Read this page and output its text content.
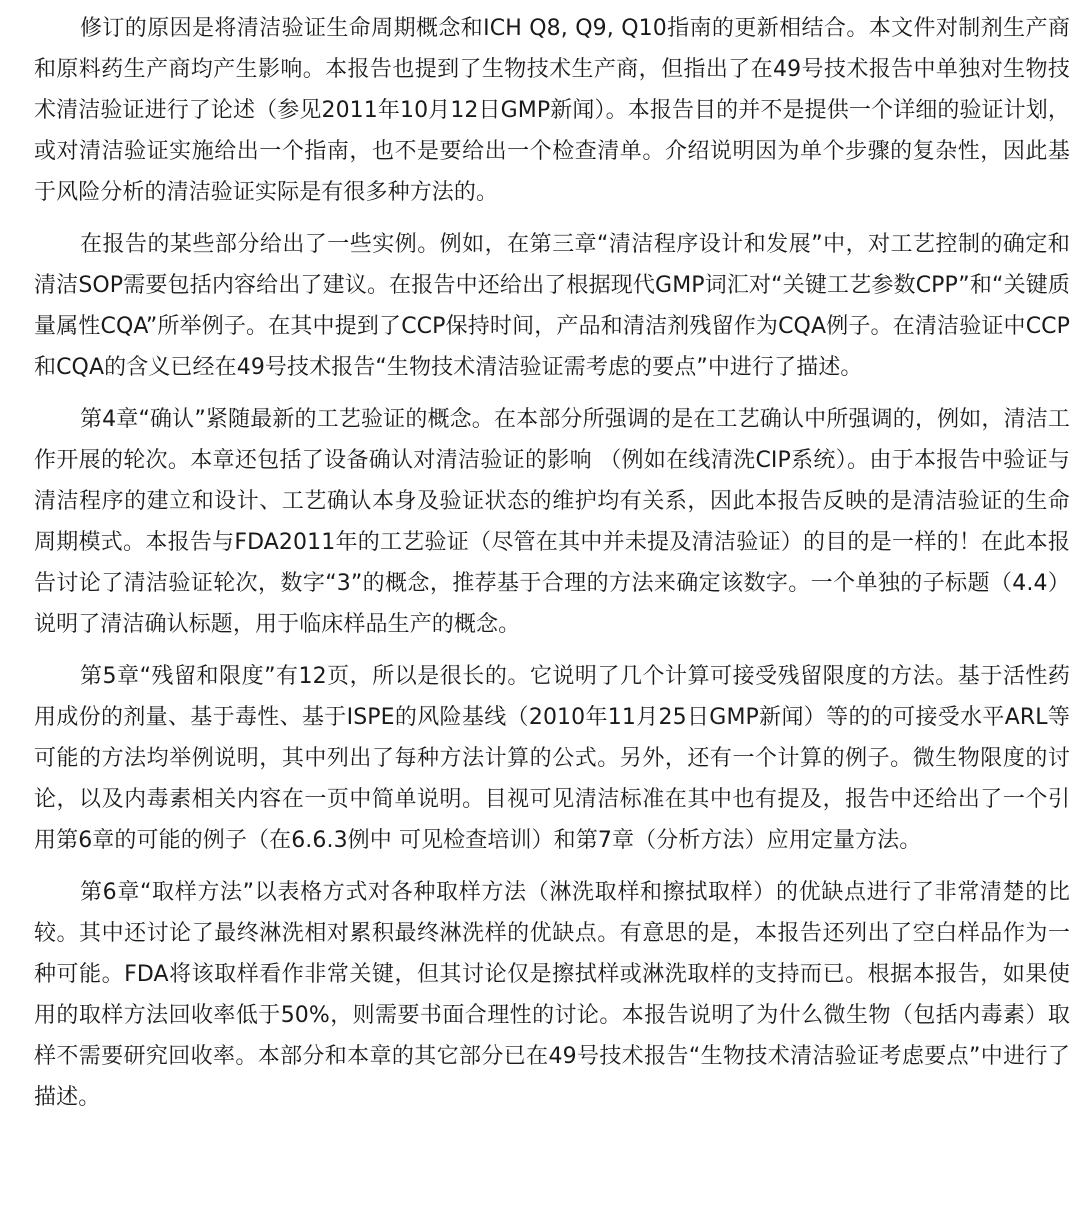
修订的原因是将清洁验证生命周期概念和ICH Q8, Q9, Q10指南的更新相结合。本文件对制剂生产商和原料药生产商均产生影响。本报告也提到了生物技术生产商，但指出了在49号技术报告中单独对生物技术清洁验证进行了论述（参见2011年10月12日GMP新闻）。本报告目的并不是提供一个详细的验证计划，或对清洁验证实施给出一个指南，也不是要给出一个检查清单。介绍说明因为单个步骤的复杂性，因此基于风险分析的清洁验证实际是有很多种方法的。

在报告的某些部分给出了一些实例。例如，在第三章“清洁程序设计和发展”中，对工艺控制的确定和清洁SOP需要包括内容给出了建议。在报告中还给出了根据现代GMP词汇对“关键工艺参数CPP”和“关键质量属性CQA”所举例子。在其中提到了CCP保持时间，产品和清洁剂残留作为CQA例子。在清洁验证中CCP和CQA的含义已经在49号技术报告“生物技术清洁验证需考虑的要点”中进行了描述。

第4章“确认”紧随最新的工艺验证的概念。在本部分所强调的是在工艺确认中所强调的，例如，清洁工作开展的轮次。本章还包括了设备确认对清洁验证的影响 （例如在线清洗CIP系统）。由于本报告中验证与清洁程序的建立和设计、工艺确认本身及验证状态的维护均有关系，因此本报告反映的是清洁验证的生命周期模式。本报告与FDA2011年的工艺验证（尽管在其中并未提及清洁验证）的目的是一样的！在此本报告讨论了清洁验证轮次，数字“3”的概念，推荐基于合理的方法来确定该数字。一个单独的子标题（4.4）说明了清洁确认标题，用于临床样品生产的概念。

第5章“残留和限度”有12页，所以是很长的。它说明了几个计算可接受残留限度的方法。基于活性药用成份的剂量、基于毒性、基于ISPE的风险基线（2010年11月25日GMP新闻）等的的可接受水平ARL等可能的方法均举例说明，其中列出了每种方法计算的公式。另外，还有一个计算的例子。微生物限度的讨论，以及内毒素相关内容在一页中简单说明。目视可见清洁标准在其中也有提及，报告中还给出了一个引用第6章的可能的例子（在6.6.3例中 可见检查培训）和第7章（分析方法）应用定量方法。

第6章“取样方法”以表格方式对各种取样方法（淋洗取样和擦拭取样）的优缺点进行了非常清楚的比较。其中还讨论了最终淋洗相对累积最终淋洗样的优缺点。有意思的是，本报告还列出了空白样品作为一种可能。FDA将该取样看作非常关键，但其讨论仅是擦拭样或淋洗取样的支持而已。根据本报告，如果使用的取样方法回收率低于50%，则需要书面合理性的讨论。本报告说明了为什么微生物（包括内毒素）取样不需要研究回收率。本部分和本章的其它部分已在49号技术报告“生物技术清洁验证考虑要点”中进行了描述。
